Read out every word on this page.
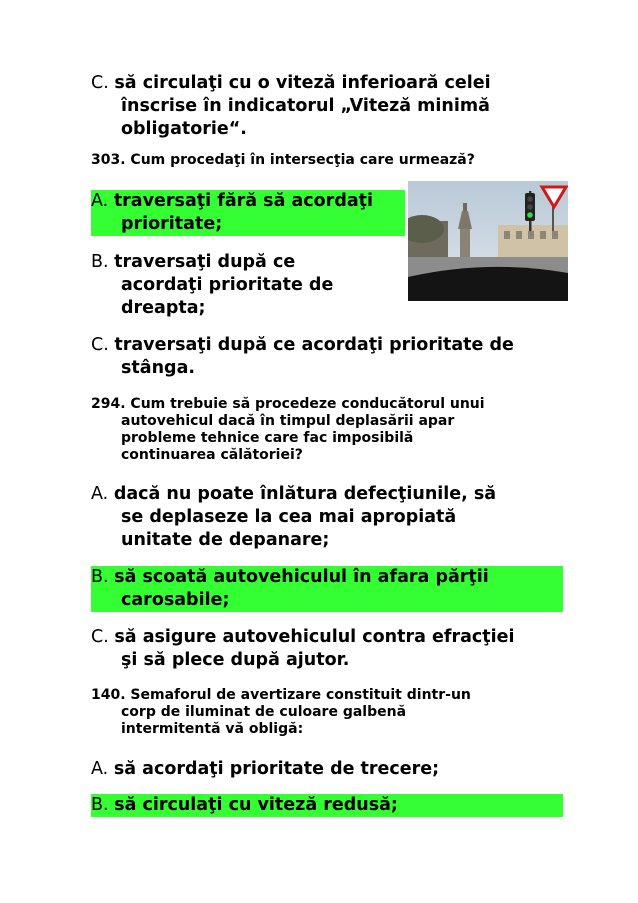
C. să circulaţi cu o viteză inferioară celei
înscrise în indicatorul „Viteză minimă
obligatorie“.
303. Cum procedaţi în intersecţia care urmează?
A. traversaţi fără să acordaţi
prioritate;
B. traversaţi după ce
acordaţi prioritate de
dreapta;
C. traversaţi după ce acordaţi prioritate de
stânga.
294. Cum trebuie să procedeze conducătorul unui
autovehicul dacă în timpul deplasării apar
probleme tehnice care fac imposibilă
continuarea călătoriei?
A. dacă nu poate înlătura defecţiunile, să
se deplaseze la cea mai apropiată
unitate de depanare;
B. să scoată autovehiculul în afara părţii
carosabile;
C. să asigure autovehiculul contra efracţiei
şi să plece după ajutor.
140. Semaforul de avertizare constituit dintr-un
corp de iluminat de culoare galbenă
intermitentă vă obligă:
A. să acordaţi prioritate de trecere;
B. să circulaţi cu viteză redusă;
